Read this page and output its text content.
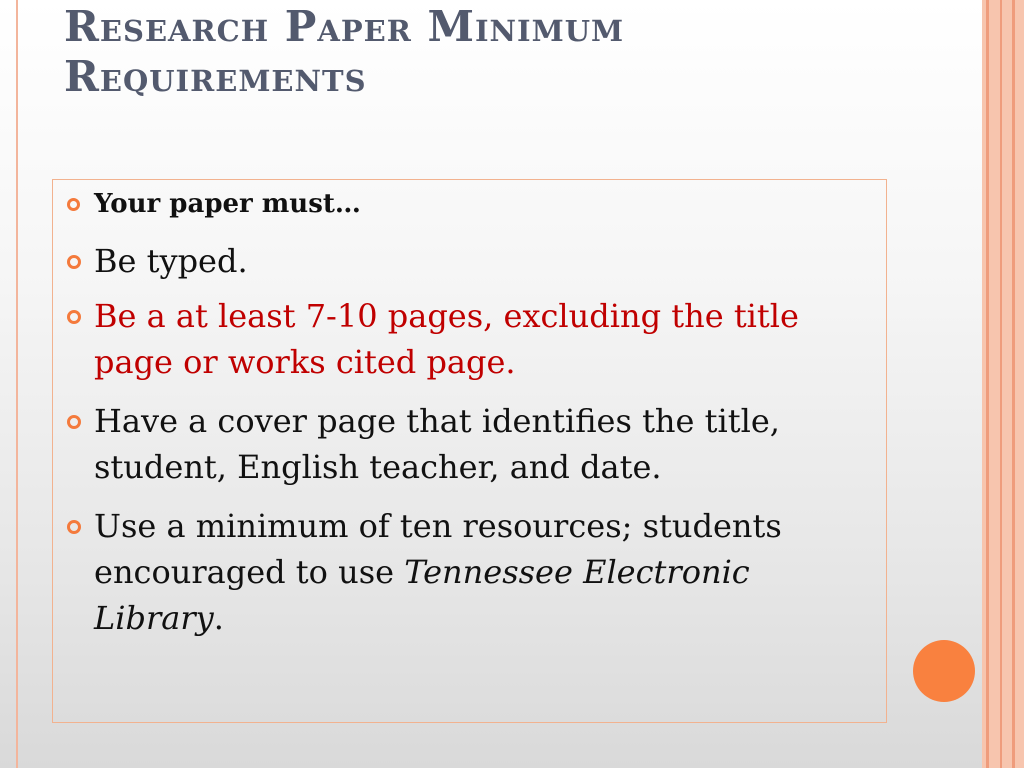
Research Paper Minimum Requirements
Your paper must…
Be typed.
Be a at least 7-10 pages, excluding the title page or works cited page.
Have a cover page that identifies the title, student, English teacher, and date.
Use a minimum of ten resources; students encouraged to use Tennessee Electronic Library.
